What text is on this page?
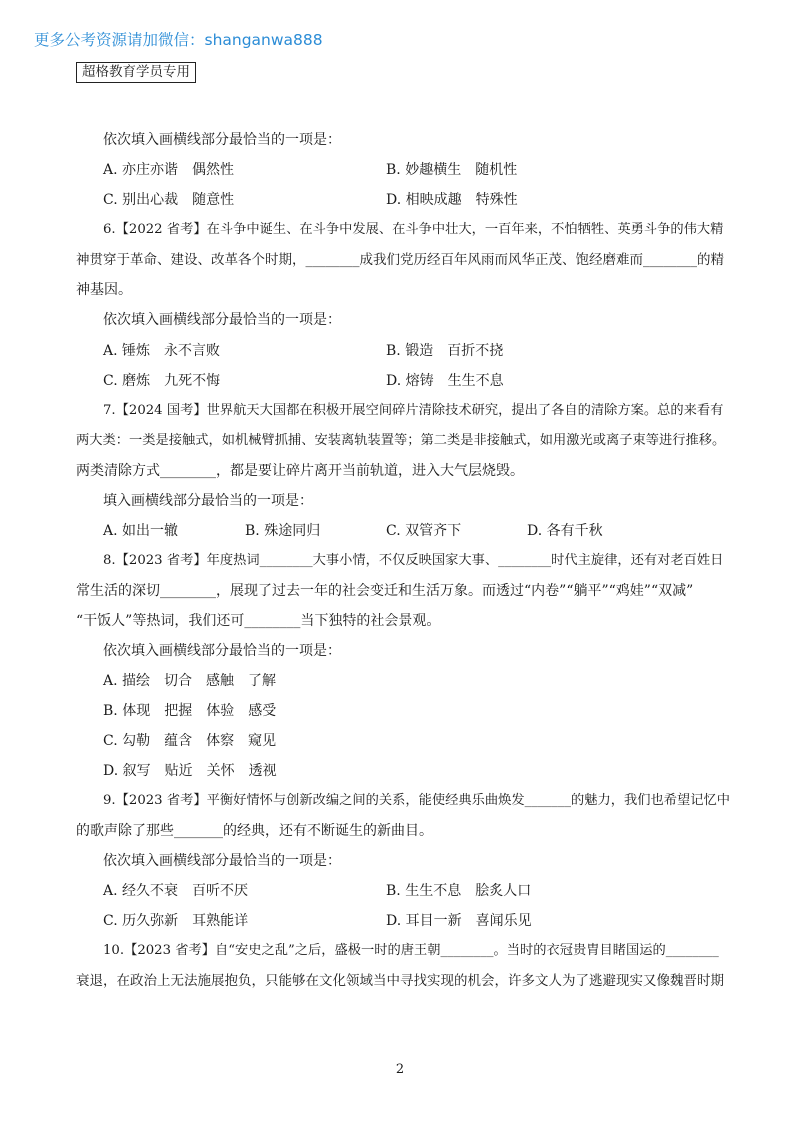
更多公考资源请加微信：shanganwa888
超格教育学员专用
依次填入画横线部分最恰当的一项是：
A. 亦庄亦谐　偶然性	B. 妙趣横生　随机性
C. 别出心裁　随意性	D. 相映成趣　特殊性
6.【2022 省考】在斗争中诞生、在斗争中发展、在斗争中壮大，一百年来，不怕牺牲、英勇斗争的伟大精
神贯穿于革命、建设、改革各个时期，________成我们党历经百年风雨而风华正茂、饱经磨难而________的精
神基因。
依次填入画横线部分最恰当的一项是：
A. 锤炼　永不言败	B. 锻造　百折不挠
C. 磨炼　九死不悔	D. 熔铸　生生不息
7.【2024 国考】世界航天大国都在积极开展空间碎片清除技术研究，提出了各自的清除方案。总的来看有
两大类：一类是接触式，如机械臂抓捕、安装离轨装置等；第二类是非接触式，如用激光或离子束等进行推移。
两类清除方式________，都是要让碎片离开当前轨道，进入大气层烧毁。
填入画横线部分最恰当的一项是：
A. 如出一辙	B. 殊途同归	C. 双管齐下	D. 各有千秋
8.【2023 省考】年度热词________大事小情，不仅反映国家大事、________时代主旋律，还有对老百姓日
常生活的深切________，展现了过去一年的社会变迁和生活万象。而透过“内卷”“躺平”“鸡娃”“双减”
“干饭人”等热词，我们还可________当下独特的社会景观。
依次填入画横线部分最恰当的一项是：
A. 描绘　切合　感触　了解
B. 体现　把握　体验　感受
C. 勾勒　蕴含　体察　窥见
D. 叙写　贴近　关怀　透视
9.【2023 省考】平衡好情怀与创新改编之间的关系，能使经典乐曲焕发_______的魅力，我们也希望记忆中
的歌声除了那些_______的经典，还有不断诞生的新曲目。
依次填入画横线部分最恰当的一项是：
A. 经久不衰　百听不厌	B. 生生不息　脍炙人口
C. 历久弥新　耳熟能详	D. 耳目一新　喜闻乐见
10.【2023 省考】自“安史之乱”之后，盛极一时的唐王朝________。当时的衣冠贵胄目睹国运的________
衰退，在政治上无法施展抱负，只能够在文化领域当中寻找实现的机会，许多文人为了逃避现实又像魏晋时期
2
